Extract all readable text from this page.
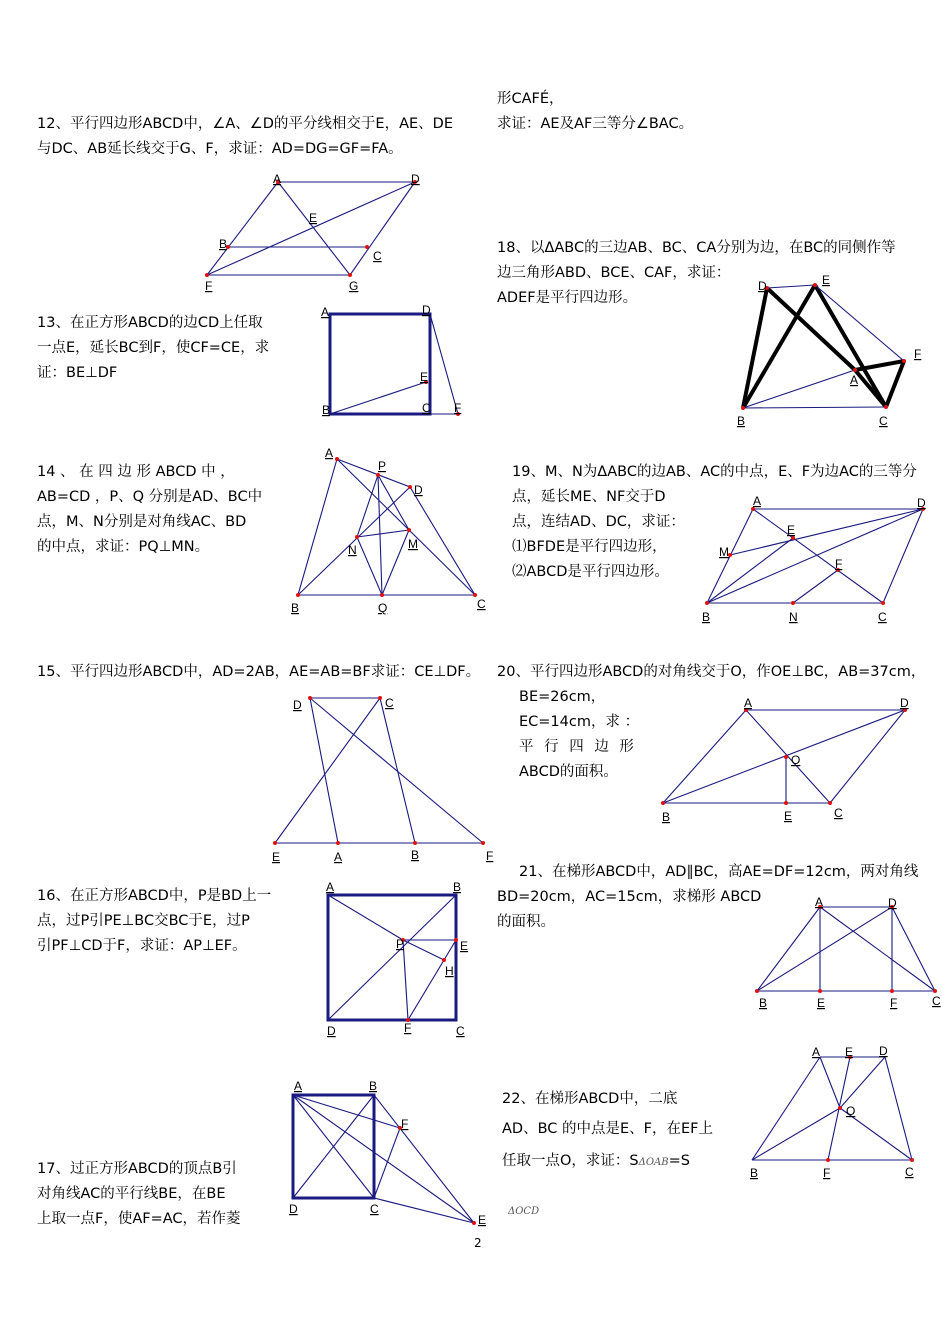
12、平行四边形ABCD中，∠A、∠D的平分线相交于E，AE、DE

与DC、AB延长线交于G、F，求证：AD=DG=GF=FA。

A	D
E
B
C
F	G

13、在正方形ABCD的边CD上任取

一点E，延长BC到F，使CF=CE，求

证：BE⊥DF

A	D
E
B	C F

14 、 在 四 边 形 ABCD 中 ，

AB=CD ，P、Q 分别是AD、BC中

点，M、N分别是对角线AC、BD

的中点，求证：PQ⊥MN。

A
P
D
N	M
B	Q	C

15、平行四边形ABCD中，AD=2AB，AE=AB=BF求证：CE⊥DF。

D	C
E	A	B	F

16、在正方形ABCD中，P是BD上一

点，过P引PE⊥BC交BC于E，过P

引PF⊥CD于F，求证：AP⊥EF。

A	B
P	E
H
D	F	C

17、过正方形ABCD的顶点B引

对角线AC的平行线BE，在BE

上取一点F，使AF=AC，若作菱

A	B
F
D	C
E

形CAFÉ，

求证：AE及AF三等分∠BAC。

18、以ΔABC的三边AB、BC、CA分别为边，在BC的同侧作等

边三角形ABD、BCE、CAF，求证：

ADEF是平行四边形。

D	E
F
A
B	C

19、M、N为ΔABC的边AB、AC的中点，E、F为边AC的三等分

点，延长ME、NF交于D

点，连结AD、DC，求证：

⑴BFDE是平行四边形，

⑵ABCD是平行四边形。

A	D
E
M
F
B	N	C

20、平行四边形ABCD的对角线交于O，作OE⊥BC，AB=37cm，

BE=26cm，

EC=14cm，求 ：

平 行 四 边 形

ABCD的面积。

A	D
O
B	E	C

21、在梯形ABCD中，AD∥BC，高AE=DF=12cm，两对角线

BD=20cm，AC=15cm，求梯形 ABCD

的面积。

A	D
B	E	F	C

22、在梯形ABCD中，二底

AD、BC 的中点是E、F，在EF上

任取一点O，求证：SΔOAB=S

ΔOCD
A E D
O
B	F	C
2
